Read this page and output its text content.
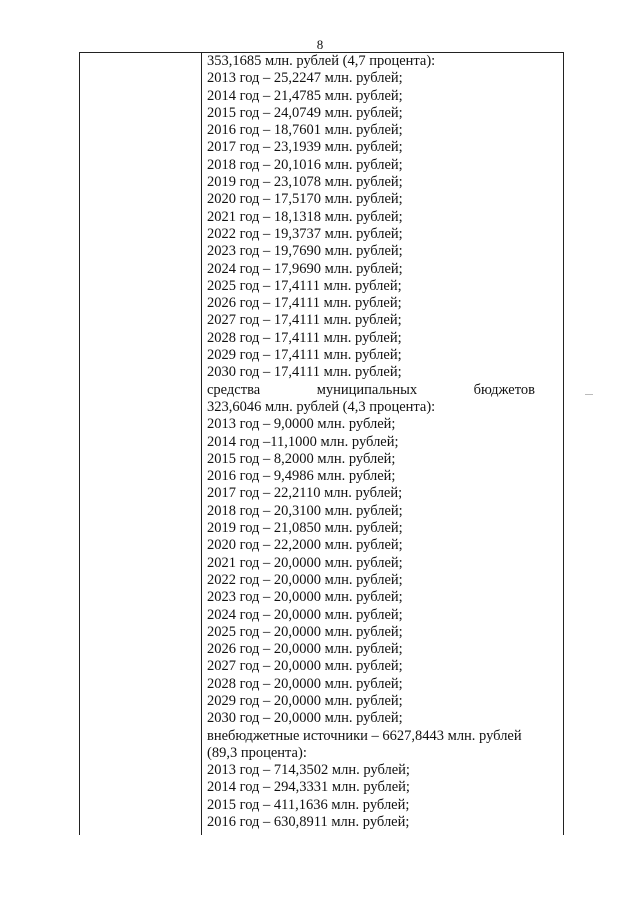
8
353,1685 млн. рублей (4,7 процента):
2013 год – 25,2247 млн. рублей;
2014 год – 21,4785 млн. рублей;
2015 год – 24,0749 млн. рублей;
2016 год – 18,7601 млн. рублей;
2017 год – 23,1939 млн. рублей;
2018 год – 20,1016 млн. рублей;
2019 год – 23,1078 млн. рублей;
2020 год – 17,5170 млн. рублей;
2021 год – 18,1318 млн. рублей;
2022 год – 19,3737 млн. рублей;
2023 год – 19,7690 млн. рублей;
2024 год – 17,9690 млн. рублей;
2025 год – 17,4111 млн. рублей;
2026 год – 17,4111 млн. рублей;
2027 год – 17,4111 млн. рублей;
2028 год – 17,4111 млн. рублей;
2029 год – 17,4111 млн. рублей;
2030 год – 17,4111 млн. рублей;
средства	муниципальных	бюджетов
323,6046 млн. рублей (4,3 процента):
2013 год – 9,0000 млн. рублей;
2014 год –11,1000 млн. рублей;
2015 год – 8,2000 млн. рублей;
2016 год – 9,4986 млн. рублей;
2017 год – 22,2110 млн. рублей;
2018 год – 20,3100 млн. рублей;
2019 год – 21,0850 млн. рублей;
2020 год – 22,2000 млн. рублей;
2021 год – 20,0000 млн. рублей;
2022 год – 20,0000 млн. рублей;
2023 год – 20,0000 млн. рублей;
2024 год – 20,0000 млн. рублей;
2025 год – 20,0000 млн. рублей;
2026 год – 20,0000 млн. рублей;
2027 год – 20,0000 млн. рублей;
2028 год – 20,0000 млн. рублей;
2029 год – 20,0000 млн. рублей;
2030 год – 20,0000 млн. рублей;
внебюджетные источники – 6627,8443 млн. рублей
(89,3 процента):
2013 год – 714,3502 млн. рублей;
2014 год – 294,3331 млн. рублей;
2015 год – 411,1636 млн. рублей;
2016 год – 630,8911 млн. рублей;
